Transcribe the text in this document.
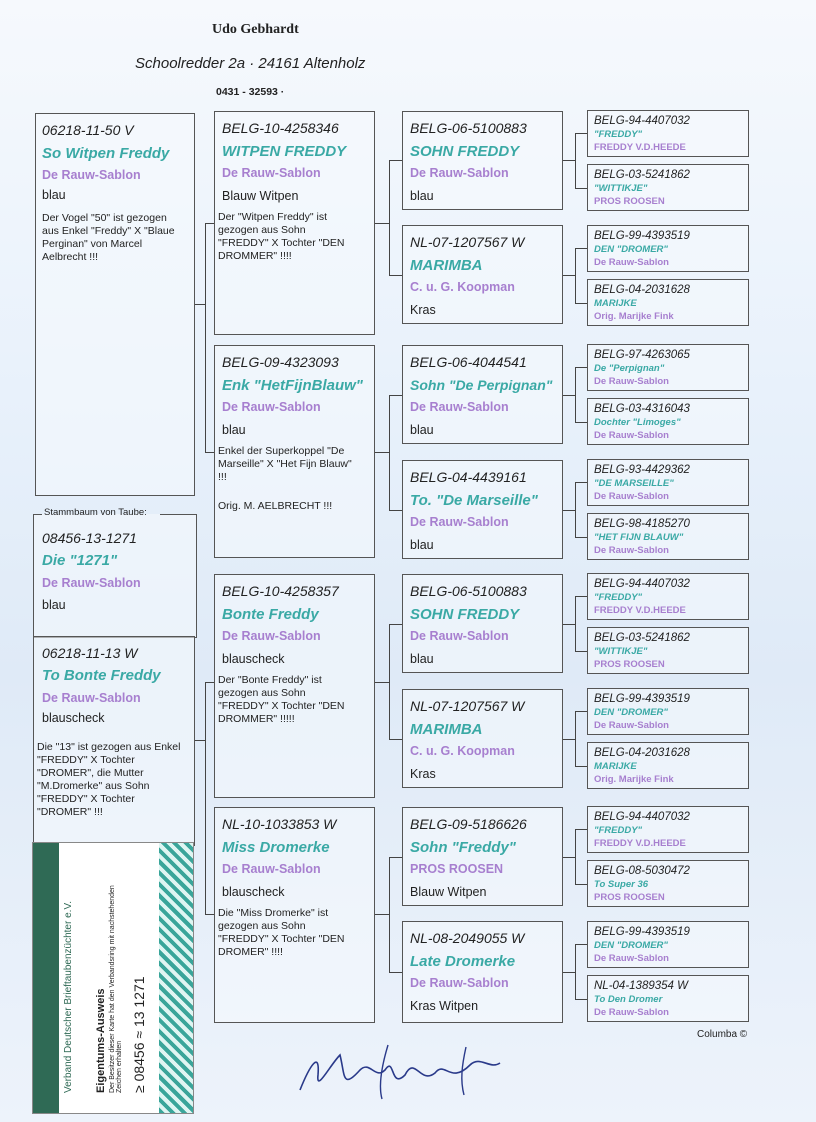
Udo Gebhardt
Schoolredder 2a · 24161 Altenholz
0431 - 32593 ·
06218-11-50 V
So Witpen Freddy
De Rauw-Sablon
blau
Der Vogel "50" ist gezogen aus Enkel "Freddy" X "Blaue Perginan" von Marcel Aelbrecht !!!
Stammbaum von Taube:
08456-13-1271
Die "1271"
De Rauw-Sablon
blau
06218-11-13 W
To Bonte Freddy
De Rauw-Sablon
blauscheck
Die "13" ist gezogen aus Enkel "FREDDY" X Tochter "DROMER", die Mutter "M.Dromerke" aus Sohn "FREDDY" X Tochter "DROMER" !!!
BELG-10-4258346
WITPEN FREDDY
De Rauw-Sablon
Blauw Witpen
Der "Witpen Freddy" ist gezogen aus Sohn "FREDDY" X Tochter "DEN DROMMER" !!!!
BELG-09-4323093
Enk "HetFijnBlauw"
De Rauw-Sablon
blau
Enkel der Superkoppel "De Marseille" X "Het Fijn Blauw" !!!
Orig. M. AELBRECHT !!!
BELG-10-4258357
Bonte Freddy
De Rauw-Sablon
blauscheck
Der "Bonte Freddy" ist gezogen aus Sohn "FREDDY" X Tochter "DEN DROMMER" !!!!!
NL-10-1033853 W
Miss Dromerke
De Rauw-Sablon
blauscheck
Die "Miss Dromerke" ist gezogen aus Sohn "FREDDY" X Tochter "DEN DROMER" !!!!
BELG-06-5100883
SOHN FREDDY
De Rauw-Sablon
blau
NL-07-1207567 W
MARIMBA
C. u. G. Koopman
Kras
BELG-06-4044541
Sohn "De Perpignan"
De Rauw-Sablon
blau
BELG-04-4439161
To. "De Marseille"
De Rauw-Sablon
blau
BELG-06-5100883
SOHN FREDDY
De Rauw-Sablon
blau
NL-07-1207567 W
MARIMBA
C. u. G. Koopman
Kras
BELG-09-5186626
Sohn "Freddy"
PROS ROOSEN
Blauw Witpen
NL-08-2049055 W
Late Dromerke
De Rauw-Sablon
Kras Witpen
BELG-94-4407032
"FREDDY"
FREDDY V.D.HEEDE
BELG-03-5241862
"WITTIKJE"
PROS ROOSEN
BELG-99-4393519
DEN "DROMER"
De Rauw-Sablon
BELG-04-2031628
MARIJKE
Orig. Marijke Fink
BELG-97-4263065
De "Perpignan"
De Rauw-Sablon
BELG-03-4316043
Dochter "Limoges"
De Rauw-Sablon
BELG-93-4429362
"DE MARSEILLE"
De Rauw-Sablon
BELG-98-4185270
"HET FIJN BLAUW"
De Rauw-Sablon
BELG-94-4407032
"FREDDY"
FREDDY V.D.HEEDE
BELG-03-5241862
"WITTIKJE"
PROS ROOSEN
BELG-99-4393519
DEN "DROMER"
De Rauw-Sablon
BELG-04-2031628
MARIJKE
Orig. Marijke Fink
BELG-94-4407032
"FREDDY"
FREDDY V.D.HEEDE
BELG-08-5030472
To Super 36
PROS ROOSEN
BELG-99-4393519
DEN "DROMER"
De Rauw-Sablon
NL-04-1389354 W
To Den Dromer
De Rauw-Sablon
Columba ©
Verband Deutscher Brieftaubenzüchter e.V. Eigentums-Ausweis Der Besitzer dieser Karte hat den Verbandsring mit nachstehenden Zeichen erhalten ≥ 08456 ≈ 13 1271
